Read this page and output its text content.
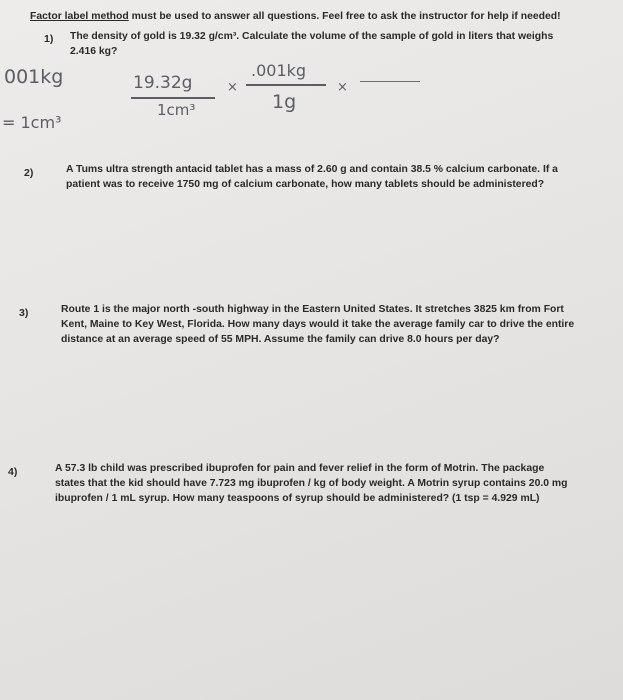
Factor label method must be used to answer all questions. Feel free to ask the instructor for help if needed!
1) The density of gold is 19.32 g/cm³. Calculate the volume of the sample of gold in liters that weighs
2.416 kg?
001kg
= 1cm³
19.32g
1cm³
×
.001kg
1g
×
2)	A Tums ultra strength antacid tablet has a mass of 2.60 g and contain 38.5 % calcium carbonate. If a
patient was to receive 1750 mg of calcium carbonate, how many tablets should be administered?
3)	Route 1 is the major north -south highway in the Eastern United States. It stretches 3825 km from Fort
Kent, Maine to Key West, Florida. How many days would it take the average family car to drive the entire
distance at an average speed of 55 MPH. Assume the family can drive 8.0 hours per day?
4)	A 57.3 lb child was prescribed ibuprofen for pain and fever relief in the form of Motrin. The package
states that the kid should have 7.723 mg ibuprofen / kg of body weight. A Motrin syrup contains 20.0 mg
ibuprofen / 1 mL syrup. How many teaspoons of syrup should be administered? (1 tsp = 4.929 mL)
